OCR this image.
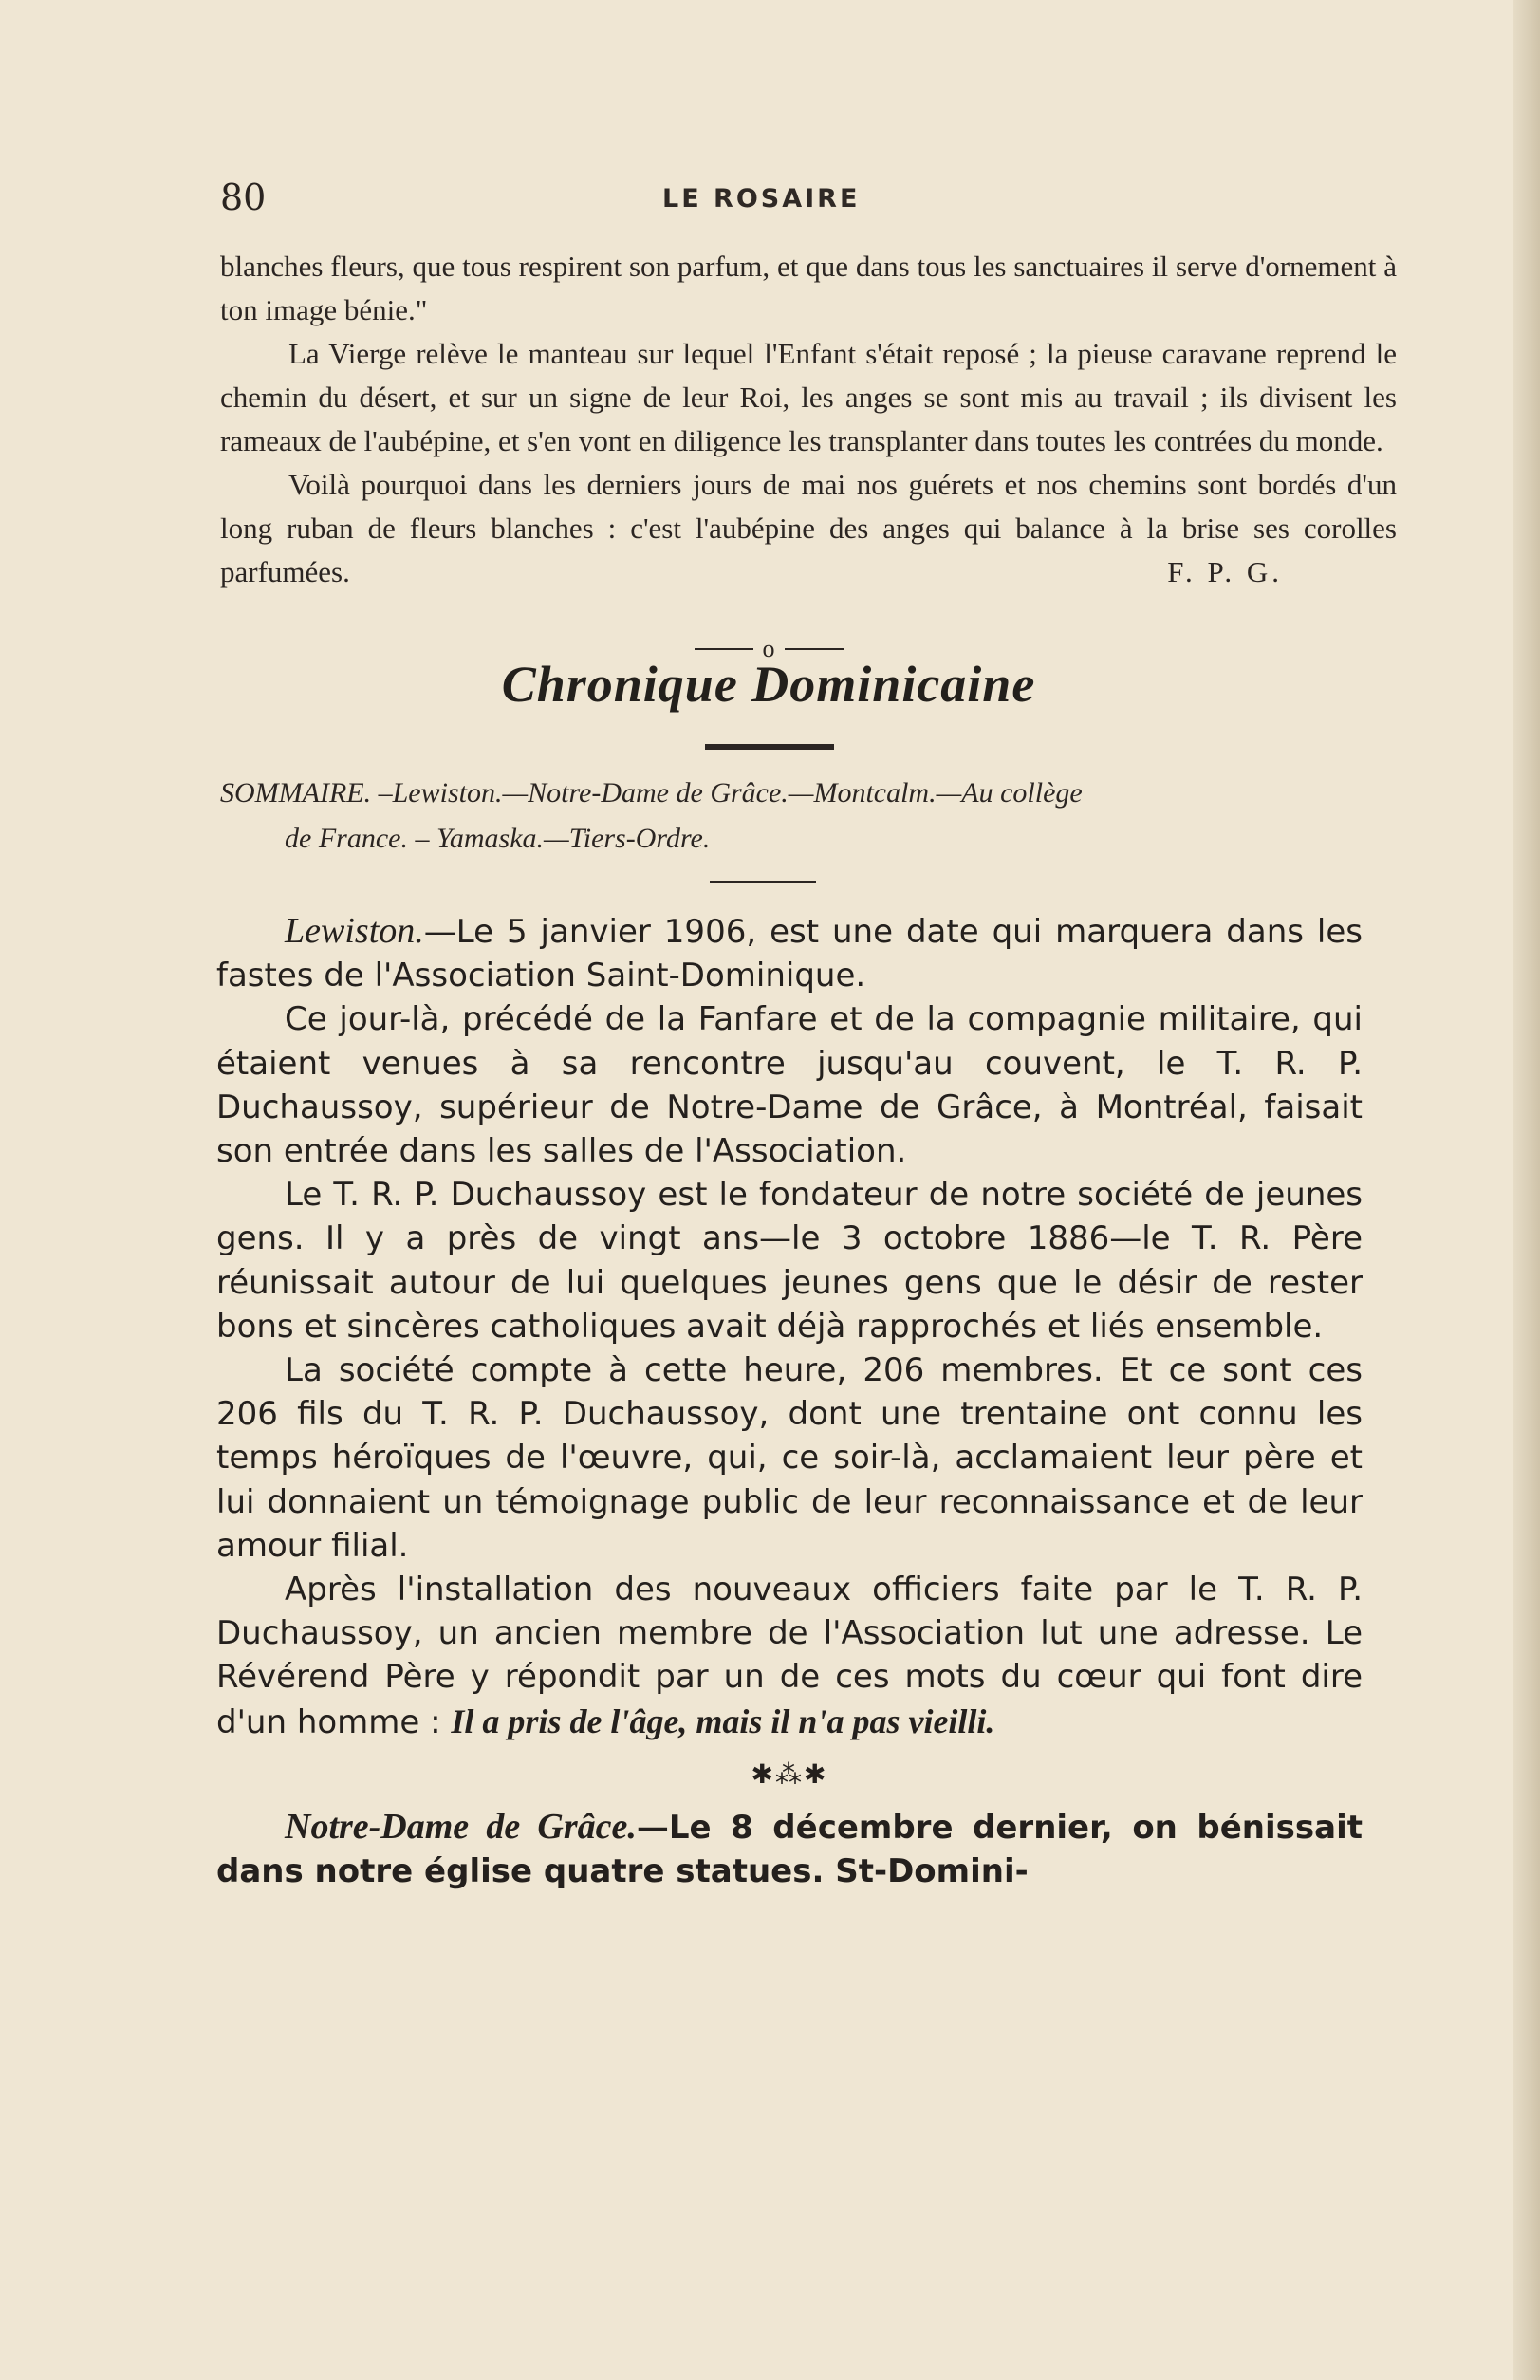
80	LE ROSAIRE

blanches fleurs, que tous respirent son parfum, et que dans tous les sanctuaires il serve d'ornement à ton image bénie."

La Vierge relève le manteau sur lequel l'Enfant s'était reposé ; la pieuse caravane reprend le chemin du désert, et sur un signe de leur Roi, les anges se sont mis au travail ; ils divisent les rameaux de l'aubépine, et s'en vont en diligence les transplanter dans toutes les contrées du monde.

Voilà pourquoi dans les derniers jours de mai nos guérets et nos chemins sont bordés d'un long ruban de fleurs blanches : c'est l'aubépine des anges qui balance à la brise ses corolles parfumées.	F. P. G.

o
Chronique Dominicaine
SOMMAIRE. –Lewiston.—Notre-Dame de Grâce.—Montcalm.—Au collège
de France. – Yamaska.—Tiers-Ordre.

Lewiston.—Le 5 janvier 1906, est une date qui marquera dans les fastes de l'Association Saint-Dominique.

Ce jour-là, précédé de la Fanfare et de la compagnie militaire, qui étaient venues à sa rencontre jusqu'au couvent, le T. R. P. Duchaussoy, supérieur de Notre-Dame de Grâce, à Montréal, faisait son entrée dans les salles de l'Association.

Le T. R. P. Duchaussoy est le fondateur de notre société de jeunes gens. Il y a près de vingt ans—le 3 octobre 1886—le T. R. Père réunissait autour de lui quelques jeunes gens que le désir de rester bons et sincères catholiques avait déjà rapprochés et liés ensemble.

La société compte à cette heure, 206 membres. Et ce sont ces 206 fils du T. R. P. Duchaussoy, dont une trentaine ont connu les temps héroïques de l'œuvre, qui, ce soir-là, acclamaient leur père et lui donnaient un témoignage public de leur reconnaissance et de leur amour filial.

Après l'installation des nouveaux officiers faite par le T. R. P. Duchaussoy, un ancien membre de l'Association lut une adresse. Le Révérend Père y répondit par un de ces mots du cœur qui font dire d'un homme : Il a pris de l'âge, mais il n'a pas vieilli.

✱⁂✱

Notre-Dame de Grâce.—Le 8 décembre dernier, on bénissait dans notre église quatre statues. St-Domini-
